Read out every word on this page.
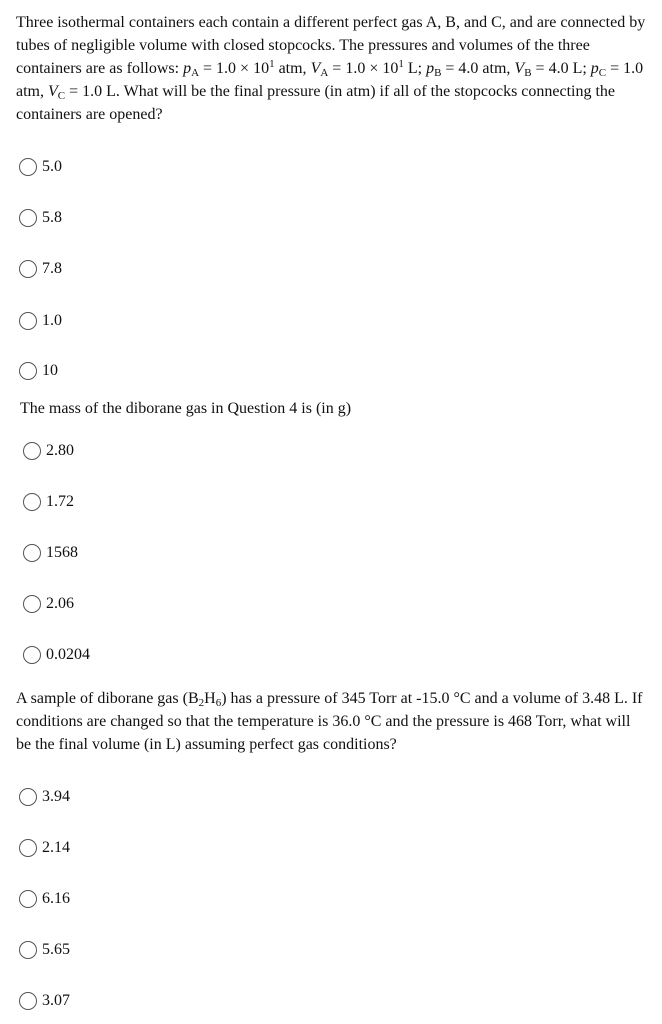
Three isothermal containers each contain a different perfect gas A, B, and C, and are connected by tubes of negligible volume with closed stopcocks. The pressures and volumes of the three containers are as follows: $p_A = 1.0 \times 10^1$ atm, $V_A = 1.0 \times 10^1$ L; $p_B = 4.0$ atm, $V_B = 4.0$ L; $p_C = 1.0$ atm, $V_C = 1.0$ L. What will be the final pressure (in atm) if all of the stopcocks connecting the containers are opened?

5.0
5.8
7.8
1.0
10

The mass of the diborane gas in Question 4 is (in g)

2.80
1.72
1568
2.06
0.0204

A sample of diborane gas $(B_2H_6)$ has a pressure of 345 Torr at -15.0 °C and a volume of 3.48 L. If conditions are changed so that the temperature is 36.0 °C and the pressure is 468 Torr, what will be the final volume (in L) assuming perfect gas conditions?

3.94
2.14
6.16
5.65
3.07
